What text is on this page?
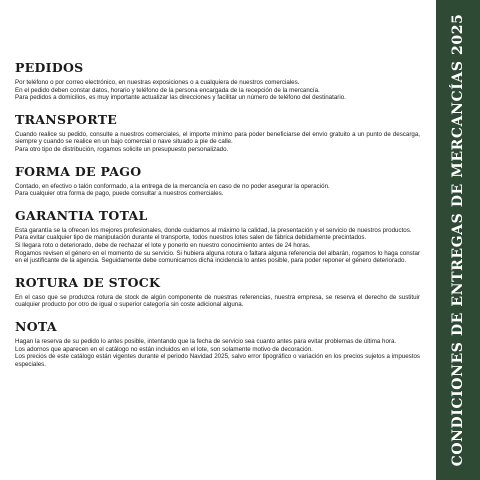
PEDIDOS

Por teléfono o por correo electrónico, en nuestras exposiciones o a cualquiera de nuestros comerciales.
En el pedido deben constar datos, horario y teléfono de la persona encargada de la recepción de la mercancía.
Para pedidos a domicilios, es muy importante actualizar las direcciones y facilitar un número de teléfono del destinatario.

TRANSPORTE

Cuando realice su pedido, consulte a nuestros comerciales, el importe mínimo para poder beneficiarse del envío gratuito a un punto de descarga, siempre y cuando se realice en un bajo comercial o nave situado a pie de calle.
Para otro tipo de distribución, rogamos solicite un presupuesto personalizado.

FORMA DE PAGO

Contado, en efectivo o talón conformado, a la entrega de la mercancía en caso de no poder asegurar la operación.
Para cualquier otra forma de pago, puede consultar a nuestros comerciales.

GARANTIA TOTAL

Esta garantía se la ofrecen los mejores profesionales, donde cuidamos al máximo la calidad, la presentación y el servicio de nuestros productos.
Para evitar cualquier tipo de manipulación durante el transporte, todos nuestros lotes salen de fábrica debidamente precintados.
Si llegara roto o deteriorado, debe de rechazar el lote y ponerlo en nuestro conocimiento antes de 24 horas.
Rogamos revisen el género en el momento de su servicio. Si hubiera alguna rotura o faltara alguna referencia del albarán, rogamos lo haga constar en el justificante de la agencia. Seguidamente debe comunicarnos dicha incidencia lo antes posible, para poder reponer el género deteriorado.

ROTURA DE STOCK

En el caso que se produzca rotura de stock de algún componente de nuestras referencias, nuestra empresa, se reserva el derecho de sustituir cualquier producto por otro de igual o superior categoría sin coste adicional alguna.

NOTA

Hagan la reserva de su pedido lo antes posible, intentando que la fecha de servicio sea cuanto antes para evitar problemas de última hora.
Los adornos que aparecen en el catálogo no están incluidos en el lote, son solamente motivo de decoración.
Los precios de este catálogo están vigentes durante el periodo Navidad 2025, salvo error tipográfico o variación en los precios sujetos a impuestos especiales.	CONDICIONES DE ENTREGAS DE MERCANCÍAS 2025
